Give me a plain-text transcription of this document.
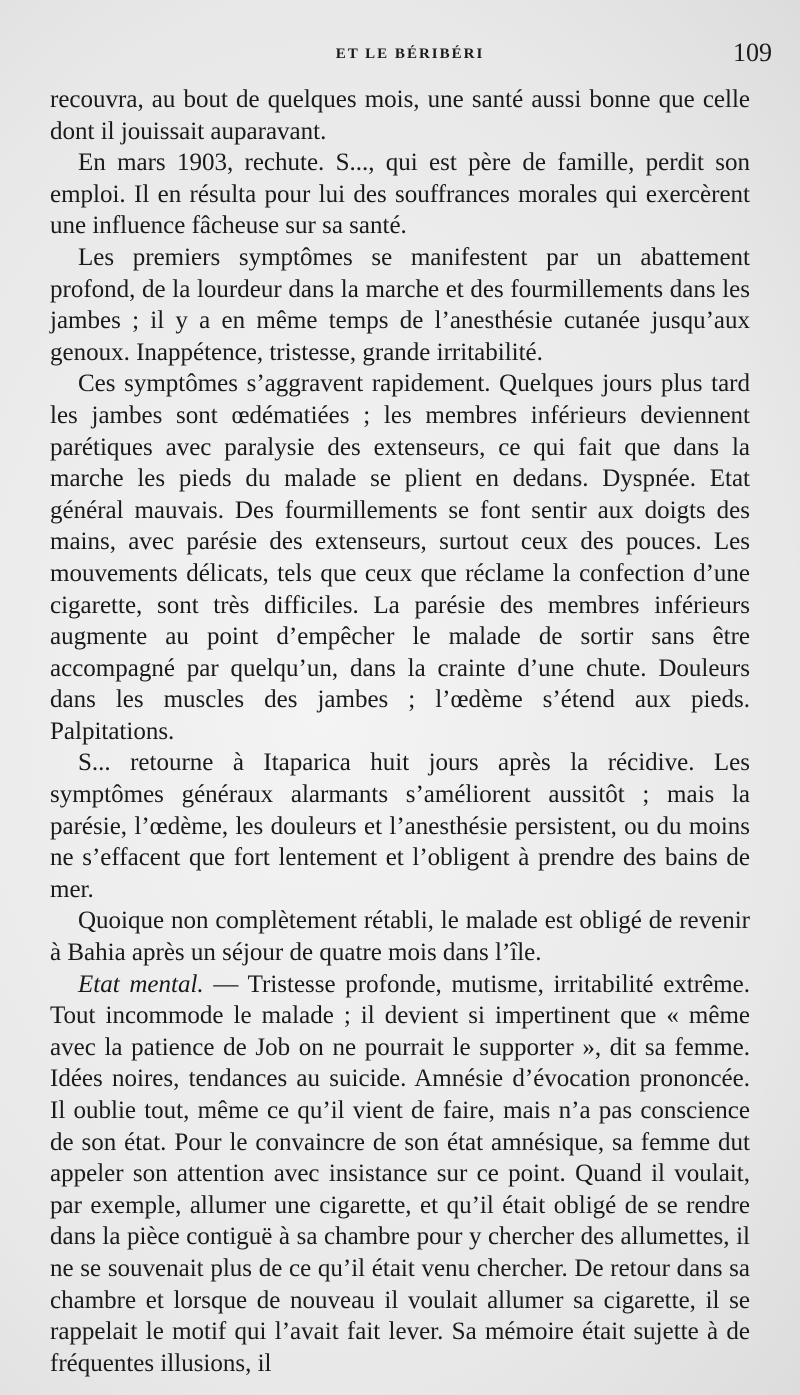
ET LE BÉRIBÉRI	109

recouvra, au bout de quelques mois, une santé aussi bonne que celle dont il jouissait auparavant.

En mars 1903, rechute. S..., qui est père de famille, perdit son emploi. Il en résulta pour lui des souffrances morales qui exercèrent une influence fâcheuse sur sa santé.

Les premiers symptômes se manifestent par un abattement profond, de la lourdeur dans la marche et des fourmillements dans les jambes ; il y a en même temps de l’anesthésie cutanée jusqu’aux genoux. Inappétence, tristesse, grande irritabilité.

Ces symptômes s’aggravent rapidement. Quelques jours plus tard les jambes sont œdématiées ; les membres inférieurs deviennent parétiques avec paralysie des extenseurs, ce qui fait que dans la marche les pieds du malade se plient en dedans. Dyspnée. Etat général mauvais. Des fourmillements se font sentir aux doigts des mains, avec parésie des extenseurs, surtout ceux des pouces. Les mouvements délicats, tels que ceux que réclame la confection d’une cigarette, sont très difficiles. La parésie des membres inférieurs augmente au point d’empêcher le malade de sortir sans être accompagné par quelqu’un, dans la crainte d’une chute. Douleurs dans les muscles des jambes ; l’œdème s’étend aux pieds. Palpitations.

S... retourne à Itaparica huit jours après la récidive. Les symptômes généraux alarmants s’améliorent aussitôt ; mais la parésie, l’œdème, les douleurs et l’anesthésie persistent, ou du moins ne s’effacent que fort lentement et l’obligent à prendre des bains de mer.

Quoique non complètement rétabli, le malade est obligé de revenir à Bahia après un séjour de quatre mois dans l’île.

Etat mental. — Tristesse profonde, mutisme, irritabilité extrême. Tout incommode le malade ; il devient si impertinent que « même avec la patience de Job on ne pourrait le supporter », dit sa femme. Idées noires, tendances au suicide. Amnésie d’évocation prononcée. Il oublie tout, même ce qu’il vient de faire, mais n’a pas conscience de son état. Pour le convaincre de son état amnésique, sa femme dut appeler son attention avec insistance sur ce point. Quand il voulait, par exemple, allumer une cigarette, et qu’il était obligé de se rendre dans la pièce contiguë à sa chambre pour y chercher des allumettes, il ne se souvenait plus de ce qu’il était venu chercher. De retour dans sa chambre et lorsque de nouveau il voulait allumer sa cigarette, il se rappelait le motif qui l’avait fait lever. Sa mémoire était sujette à de fréquentes illusions, il
